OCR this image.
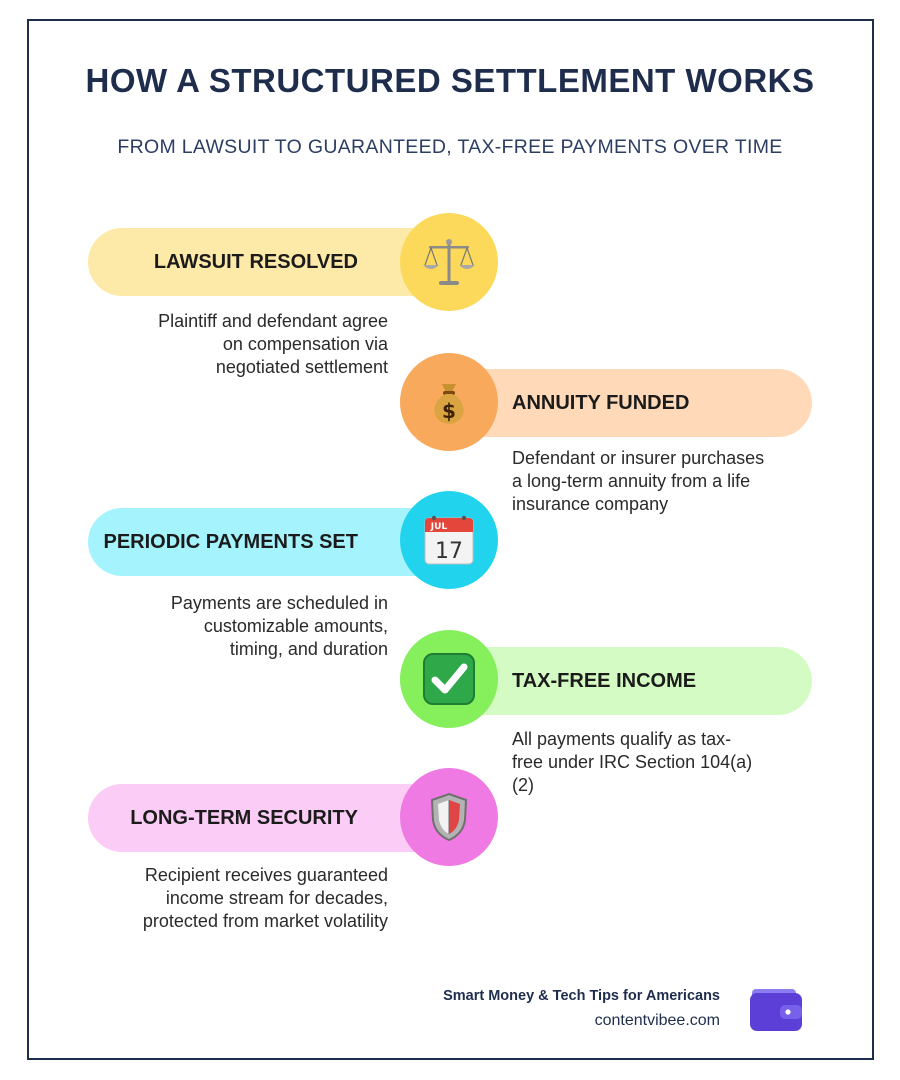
HOW A STRUCTURED SETTLEMENT WORKS
FROM LAWSUIT TO GUARANTEED, TAX-FREE PAYMENTS OVER TIME
LAWSUIT RESOLVED
Plaintiff and defendant agree
on compensation via
negotiated settlement
ANNUITY FUNDED
$
Defendant or insurer purchases
a long-term annuity from a life
insurance company
PERIODIC PAYMENTS SET
JUL
17
Payments are scheduled in
customizable amounts,
timing, and duration
TAX-FREE INCOME
All payments qualify as tax-
free under IRC Section 104(a)
(2)
LONG-TERM SECURITY
Recipient receives guaranteed
income stream for decades,
protected from market volatility
Smart Money & Tech Tips for Americans
contentvibee.com
